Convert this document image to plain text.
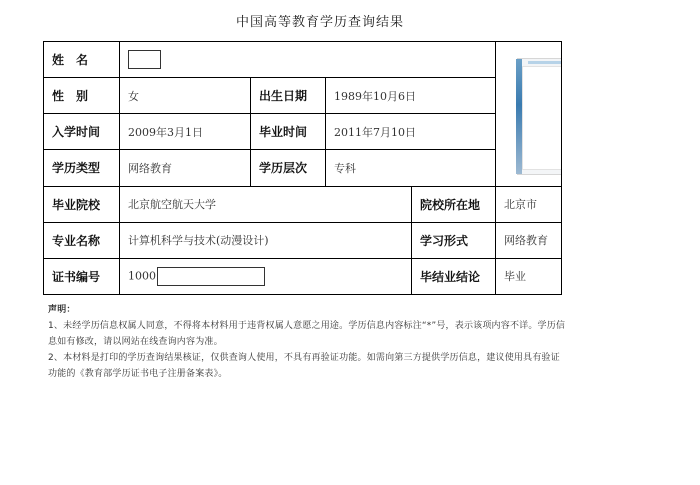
中国高等教育学历查询结果
姓　名					

性　别	女	出生日期	1989年10月6日		
入学时间	2009年3月1日	毕业时间	2011年7月10日		
学历类型	网络教育	学历层次	专科		
毕业院校	北京航空航天大学			院校所在地	北京市
专业名称	计算机科学与技术(动漫设计)			学习形式	网络教育
证书编号	1000			毕结业结论	毕业
声明：
1、未经学历信息权属人同意，不得将本材料用于违背权属人意愿之用途。学历信息内容标注“*”号，表示该项内容不详。学历信息如有修改，请以网站在线查询内容为准。
2、本材料是打印的学历查询结果核证，仅供查询人使用，不具有再验证功能。如需向第三方提供学历信息，建议使用具有验证功能的《教育部学历证书电子注册备案表》。
